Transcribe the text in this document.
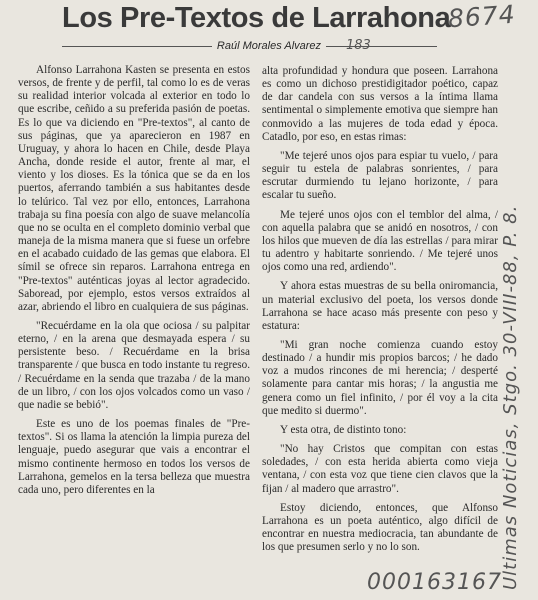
Los Pre-Textos de Larrahona
Raúl Morales Alvarez

Alfonso Larrahona Kasten se presenta en estos versos, de frente y de perfil, tal como lo es de veras su realidad interior volcada al exterior en todo lo que escribe, ceñido a su preferida pasión de poetas. Es lo que va diciendo en "Pre-textos", al canto de sus páginas, que ya aparecieron en 1987 en Uruguay, y ahora lo hacen en Chile, desde Playa Ancha, donde reside el autor, frente al mar, el viento y los dioses. Es la tónica que se da en los puertos, aferrando también a sus habitantes desde lo telúrico. Tal vez por ello, entonces, Larrahona trabaja su fina poesía con algo de suave melancolía que no se oculta en el completo dominio verbal que maneja de la misma manera que si fuese un orfebre en el acabado cuidado de las gemas que elabora. El símil se ofrece sin reparos. Larrahona entrega en "Pre-textos" auténticas joyas al lector agradecido. Saboread, por ejemplo, estos versos extraídos al azar, abriendo el libro en cualquiera de sus páginas.

"Recuérdame en la ola que ociosa / su palpitar eterno, / en la arena que desmayada espera / su persistente beso. / Recuérdame en la brisa transparente / que busca en todo instante tu regreso. / Recuérdame en la senda que trazaba / de la mano de un libro, / con los ojos volcados como un vaso / que nadie se bebió".

Este es uno de los poemas finales de "Pre-textos". Si os llama la atención la limpia pureza del lenguaje, puedo asegurar que vais a encontrar el mismo continente hermoso en todos los versos de Larrahona, gemelos en la tersa belleza que muestra cada uno, pero diferentes en la

alta profundidad y hondura que poseen. Larrahona es como un dichoso prestidigitador poético, capaz de dar candela con sus versos a la íntima llama sentimental o simplemente emotiva que siempre han conmovido a las mujeres de toda edad y época. Catadlo, por eso, en estas rimas:

"Me tejeré unos ojos para espiar tu vuelo, / para seguir tu estela de palabras sonrientes, / para escrutar durmiendo tu lejano horizonte, / para escalar tu sueño.

Me tejeré unos ojos con el temblor del alma, / con aquella palabra que se anidó en nosotros, / con los hilos que mueven de día las estrellas / para mirar tu adentro y habitarte sonriendo. / Me tejeré unos ojos como una red, ardiendo".

Y ahora estas muestras de su bella oniromancia, un material exclusivo del poeta, los versos donde Larrahona se hace acaso más presente con peso y estatura:

"Mi gran noche comienza cuando estoy destinado / a hundir mis propios barcos; / he dado voz a mudos rincones de mi herencia; / desperté solamente para cantar mis horas; / la angustia me genera como un fiel infinito, / por él voy a la cita que medito si duermo".

Y esta otra, de distinto tono:

"No hay Cristos que compitan con estas soledades, / con esta herida abierta como vieja ventana, / con esta voz que tiene cien clavos que la fijan / al madero que arrastro".

Estoy diciendo, entonces, que Alfonso Larrahona es un poeta auténtico, algo difícil de encontrar en nuestra mediocracia, tan abundante de los que presumen serlo y no lo son.

8674
183
Ultimas Noticias, Stgo. 30-VIII-88, P. 8.
000163167
